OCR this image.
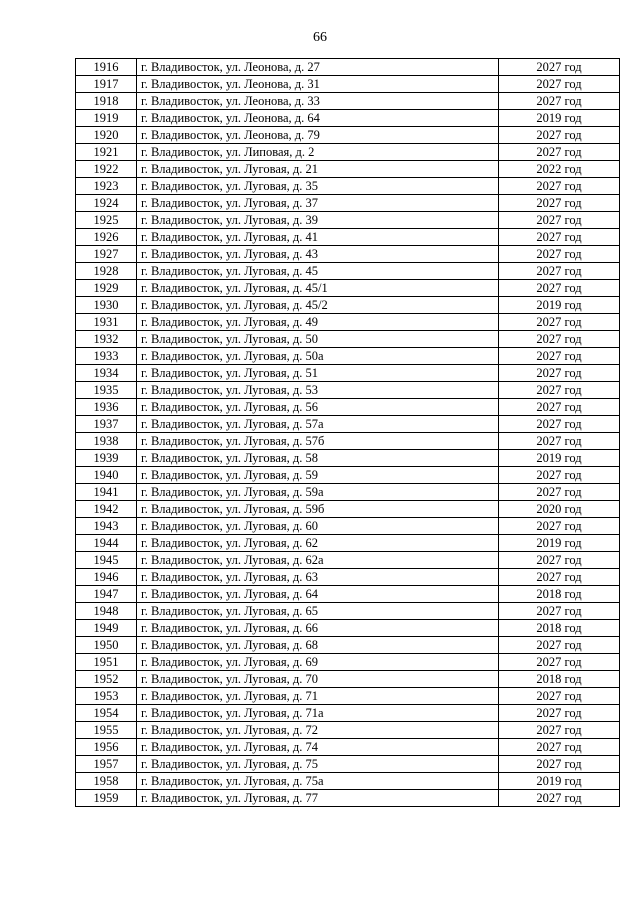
66
1916	г. Владивосток, ул. Леонова, д. 27	2027 год
1917	г. Владивосток, ул. Леонова, д. 31	2027 год
1918	г. Владивосток, ул. Леонова, д. 33	2027 год
1919	г. Владивосток, ул. Леонова, д. 64	2019 год
1920	г. Владивосток, ул. Леонова, д. 79	2027 год
1921	г. Владивосток, ул. Липовая, д. 2	2027 год
1922	г. Владивосток, ул. Луговая, д. 21	2022 год
1923	г. Владивосток, ул. Луговая, д. 35	2027 год
1924	г. Владивосток, ул. Луговая, д. 37	2027 год
1925	г. Владивосток, ул. Луговая, д. 39	2027 год
1926	г. Владивосток, ул. Луговая, д. 41	2027 год
1927	г. Владивосток, ул. Луговая, д. 43	2027 год
1928	г. Владивосток, ул. Луговая, д. 45	2027 год
1929	г. Владивосток, ул. Луговая, д. 45/1	2027 год
1930	г. Владивосток, ул. Луговая, д. 45/2	2019 год
1931	г. Владивосток, ул. Луговая, д. 49	2027 год
1932	г. Владивосток, ул. Луговая, д. 50	2027 год
1933	г. Владивосток, ул. Луговая, д. 50а	2027 год
1934	г. Владивосток, ул. Луговая, д. 51	2027 год
1935	г. Владивосток, ул. Луговая, д. 53	2027 год
1936	г. Владивосток, ул. Луговая, д. 56	2027 год
1937	г. Владивосток, ул. Луговая, д. 57а	2027 год
1938	г. Владивосток, ул. Луговая, д. 57б	2027 год
1939	г. Владивосток, ул. Луговая, д. 58	2019 год
1940	г. Владивосток, ул. Луговая, д. 59	2027 год
1941	г. Владивосток, ул. Луговая, д. 59а	2027 год
1942	г. Владивосток, ул. Луговая, д. 59б	2020 год
1943	г. Владивосток, ул. Луговая, д. 60	2027 год
1944	г. Владивосток, ул. Луговая, д. 62	2019 год
1945	г. Владивосток, ул. Луговая, д. 62а	2027 год
1946	г. Владивосток, ул. Луговая, д. 63	2027 год
1947	г. Владивосток, ул. Луговая, д. 64	2018 год
1948	г. Владивосток, ул. Луговая, д. 65	2027 год
1949	г. Владивосток, ул. Луговая, д. 66	2018 год
1950	г. Владивосток, ул. Луговая, д. 68	2027 год
1951	г. Владивосток, ул. Луговая, д. 69	2027 год
1952	г. Владивосток, ул. Луговая, д. 70	2018 год
1953	г. Владивосток, ул. Луговая, д. 71	2027 год
1954	г. Владивосток, ул. Луговая, д. 71а	2027 год
1955	г. Владивосток, ул. Луговая, д. 72	2027 год
1956	г. Владивосток, ул. Луговая, д. 74	2027 год
1957	г. Владивосток, ул. Луговая, д. 75	2027 год
1958	г. Владивосток, ул. Луговая, д. 75а	2019 год
1959	г. Владивосток, ул. Луговая, д. 77	2027 год
